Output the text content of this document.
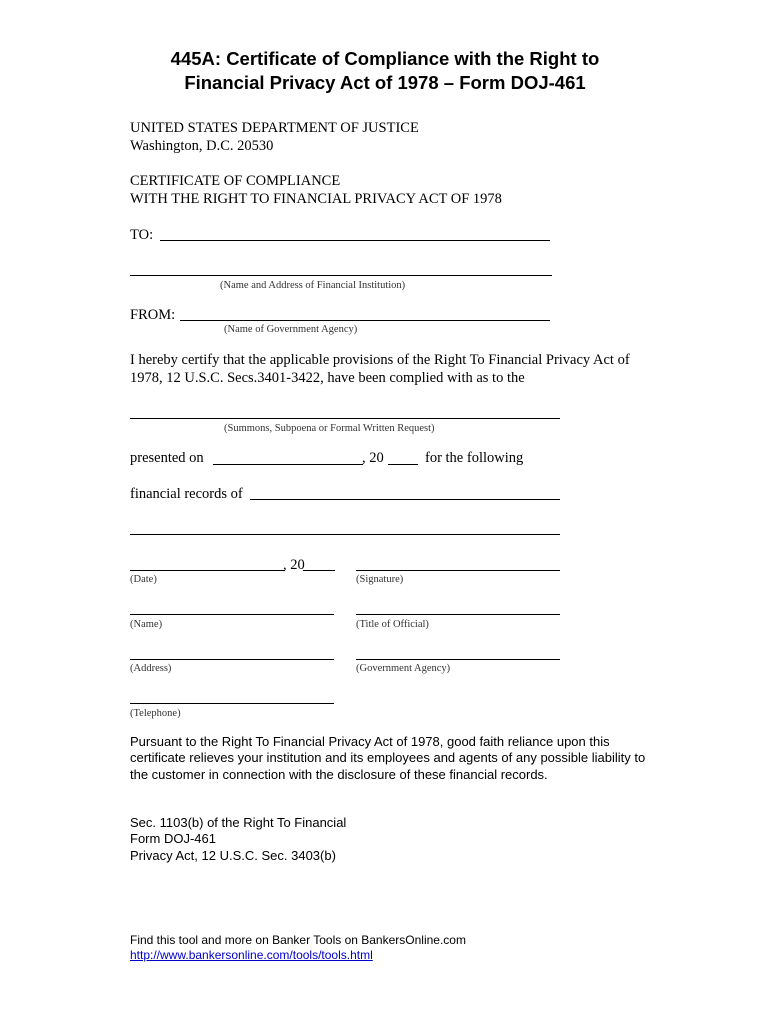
445A: Certificate of Compliance with the Right to
Financial Privacy Act of 1978 – Form DOJ-461
UNITED STATES DEPARTMENT OF JUSTICE
Washington, D.C. 20530
CERTIFICATE OF COMPLIANCE
WITH THE RIGHT TO FINANCIAL PRIVACY ACT OF 1978
TO:
(Name and Address of Financial Institution)
FROM:
(Name of Government Agency)
I hereby certify that the applicable provisions of the Right To Financial Privacy Act of 1978, 12 U.S.C. Secs.3401-3422, have been complied with as to the
(Summons, Subpoena or Formal Written Request)
presented on	, 20	for the following
financial records of
, 20
(Date)	(Signature)
(Name)	(Title of Official)
(Address)	(Government Agency)
(Telephone)
Pursuant to the Right To Financial Privacy Act of 1978, good faith reliance upon this certificate relieves your institution and its employees and agents of any possible liability to the customer in connection with the disclosure of these financial records.
Sec. 1103(b) of the Right To Financial
Form DOJ-461
Privacy Act, 12 U.S.C. Sec. 3403(b)
Find this tool and more on Banker Tools on BankersOnline.com
http://www.bankersonline.com/tools/tools.html
